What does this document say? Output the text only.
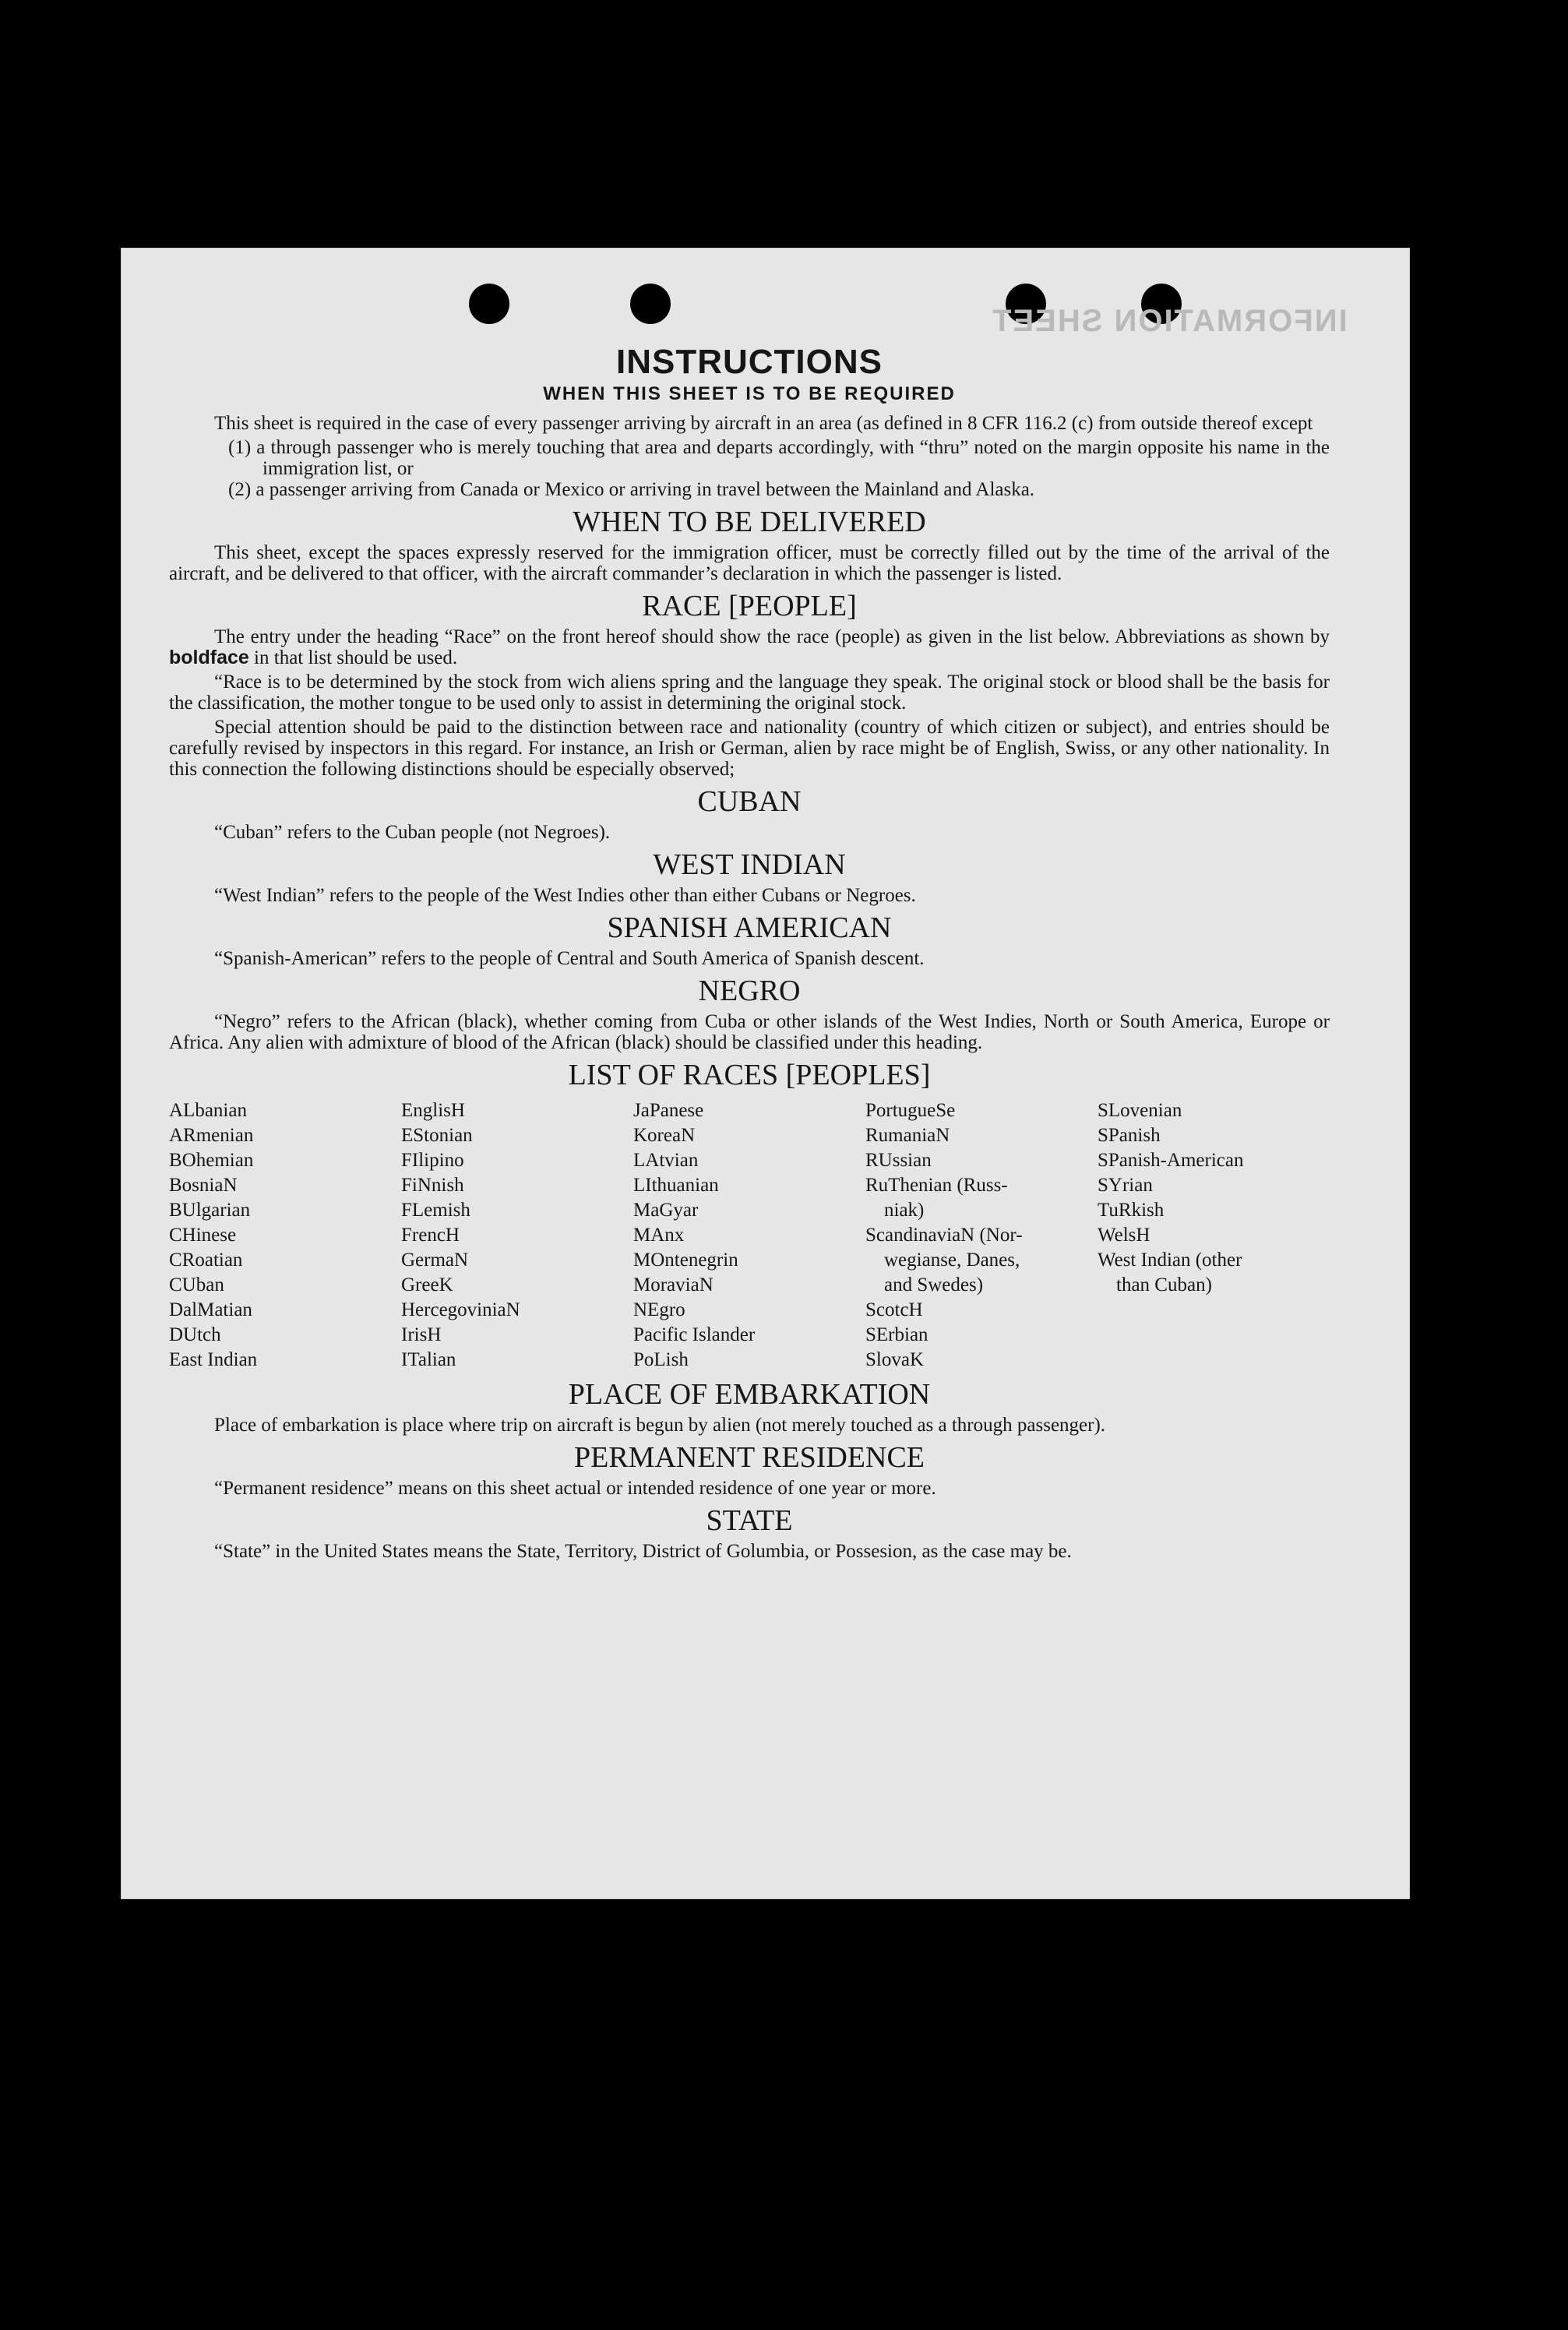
INFORMATION SHEET
INSTRUCTIONS
WHEN THIS SHEET IS TO BE REQUIRED

This sheet is required in the case of every passenger arriving by aircraft in an area (as defined in 8 CFR 116.2 (c) from outside thereof except

(1) a through passenger who is merely touching that area and departs accordingly, with “thru” noted on the margin opposite his name in the immigration list, or

(2) a passenger arriving from Canada or Mexico or arriving in travel between the Mainland and Alaska.

WHEN TO BE DELIVERED

This sheet, except the spaces expressly reserved for the immigration officer, must be correctly filled out by the time of the arrival of the aircraft, and be delivered to that officer, with the aircraft commander’s declaration in which the passenger is listed.

RACE [PEOPLE]

The entry under the heading “Race” on the front hereof should show the race (people) as given in the list below. Abbreviations as shown by boldface in that list should be used.

“Race is to be determined by the stock from wich aliens spring and the language they speak. The original stock or blood shall be the basis for the classification, the mother tongue to be used only to assist in determining the original stock.

Special attention should be paid to the distinction between race and nationality (country of which citizen or subject), and entries should be carefully revised by inspectors in this regard. For instance, an Irish or German, alien by race might be of English, Swiss, or any other nationality. In this connection the following distinctions should be especially observed;

CUBAN

“Cuban” refers to the Cuban people (not Negroes).

WEST INDIAN

“West Indian” refers to the people of the West Indies other than either Cubans or Negroes.

SPANISH AMERICAN

“Spanish-American” refers to the people of Central and South America of Spanish descent.

NEGRO

“Negro” refers to the African (black), whether coming from Cuba or other islands of the West Indies, North or South America, Europe or Africa. Any alien with admixture of blood of the African (black) should be classified under this heading.

LIST OF RACES [PEOPLES]
ALbanian
ARmenian
BOhemian
BosniaN
BUlgarian
CHinese
CRoatian
CUban
DalMatian
DUtch
East Indian
EnglisH
EStonian
FIlipino
FiNnish
FLemish
FrencH
GermaN
GreeK
HercegoviniaN
IrisH
ITalian
JaPanese
KoreaN
LAtvian
LIthuanian
MaGyar
MAnx
MOntenegrin
MoraviaN
NEgro
Pacific Islander
PoLish
PortugueSe
RumaniaN
RUssian
RuThenian (Russ-
niak)
ScandinaviaN (Nor-
wegianse, Danes,
and Swedes)
ScotcH
SErbian
SlovaK
SLovenian
SPanish
SPanish-American
SYrian
TuRkish
WelsH
West Indian (other
than Cuban)
PLACE OF EMBARKATION

Place of embarkation is place where trip on aircraft is begun by alien (not merely touched as a through passenger).

PERMANENT RESIDENCE

“Permanent residence” means on this sheet actual or intended residence of one year or more.

STATE

“State” in the United States means the State, Territory, District of Golumbia, or Possesion, as the case may be.
